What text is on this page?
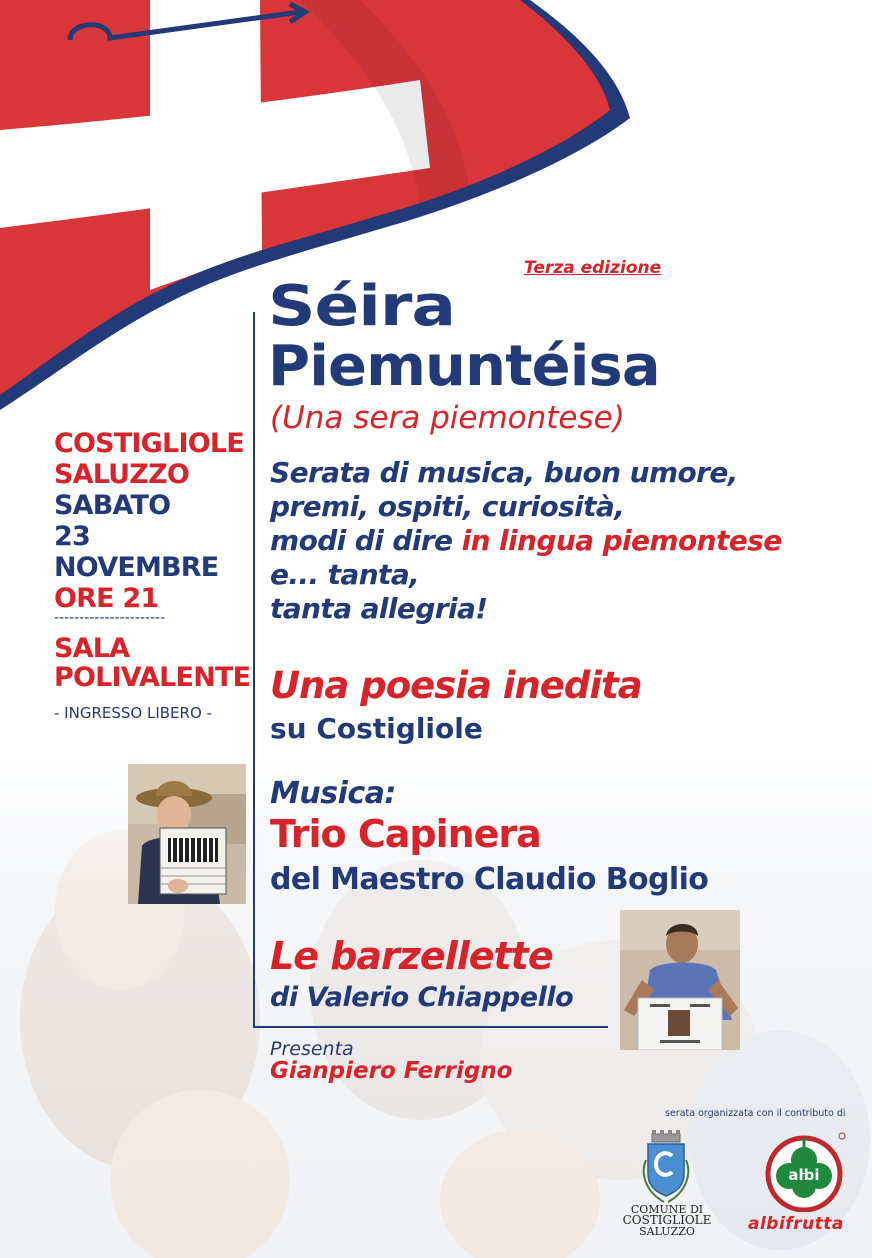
Terza edizione
Séira
Piemuntéisa
(Una sera piemontese)
Serata di musica, buon umore,
premi, ospiti, curiosità,
modi di dire in lingua piemontese
e... tanta,
tanta allegria!
Una poesia inedita
su Costigliole
Musica:
Trio Capinera
del Maestro Claudio Boglio
Le barzellette
di Valerio Chiappello
Presenta
Gianpiero Ferrigno
COSTIGLIOLE
SALUZZO
SABATO
23
NOVEMBRE
ORE 21
----------------------
SALA
POLIVALENTE
- INGRESSO LIBERO -
serata organizzata con il contributo di
COMUNE DI
COSTIGLIOLE
SALUZZO
albi
albifrutta
